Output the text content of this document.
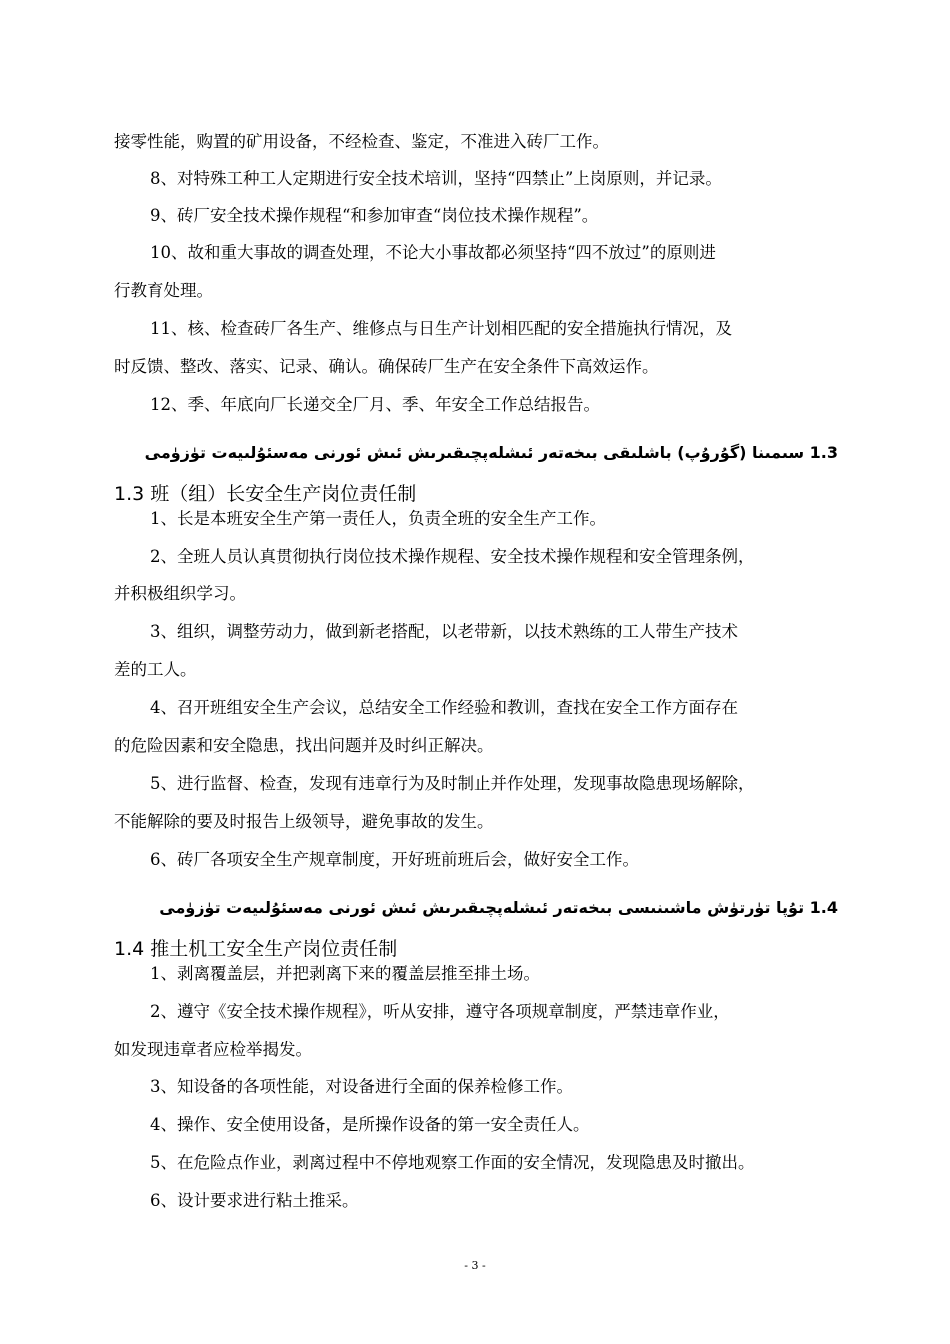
接零性能，购置的矿用设备，不经检查、鉴定，不准进入砖厂工作。
8、对特殊工种工人定期进行安全技术培训，坚持“四禁止”上岗原则，并记录。
9、砖厂安全技术操作规程“和参加审查“岗位技术操作规程”。
10、故和重大事故的调查处理，不论大小事故都必须坚持“四不放过”的原则进
行教育处理。
11、核、检查砖厂各生产、维修点与日生产计划相匹配的安全措施执行情况，及
时反馈、整改、落实、记录、确认。确保砖厂生产在安全条件下高效运作。
12、季、年底向厂长递交全厂月、季、年安全工作总结报告。
1.3 سىمىنا (گۇرۇپ) باشلىقى بىخەتەر ئىشلەپچىقىرىش ئىش ئورنى مەسئۇلىيەت تۈزۈمى
1.3 班（组）长安全生产岗位责任制
1、长是本班安全生产第一责任人，负责全班的安全生产工作。
2、全班人员认真贯彻执行岗位技术操作规程、安全技术操作规程和安全管理条例，
并积极组织学习。
3、组织，调整劳动力，做到新老搭配，以老带新，以技术熟练的工人带生产技术
差的工人。
4、召开班组安全生产会议，总结安全工作经验和教训，查找在安全工作方面存在
的危险因素和安全隐患，找出问题并及时纠正解决。
5、进行监督、检查，发现有违章行为及时制止并作处理，发现事故隐患现场解除，
不能解除的要及时报告上级领导，避免事故的发生。
6、砖厂各项安全生产规章制度，开好班前班后会，做好安全工作。
1.4 تۇپا تۈرتۈش ماشىنىسى بىخەتەر ئىشلەپچىقىرىش ئىش ئورنى مەسئۇلىيەت تۈزۈمى
1.4 推土机工安全生产岗位责任制
1、剥离覆盖层，并把剥离下来的覆盖层推至排土场。
2、遵守《安全技术操作规程》，听从安排，遵守各项规章制度，严禁违章作业，
如发现违章者应检举揭发。
3、知设备的各项性能，对设备进行全面的保养检修工作。
4、操作、安全使用设备，是所操作设备的第一安全责任人。
5、在危险点作业，剥离过程中不停地观察工作面的安全情况，发现隐患及时撤出。
6、设计要求进行粘土推采。
- 3 -
